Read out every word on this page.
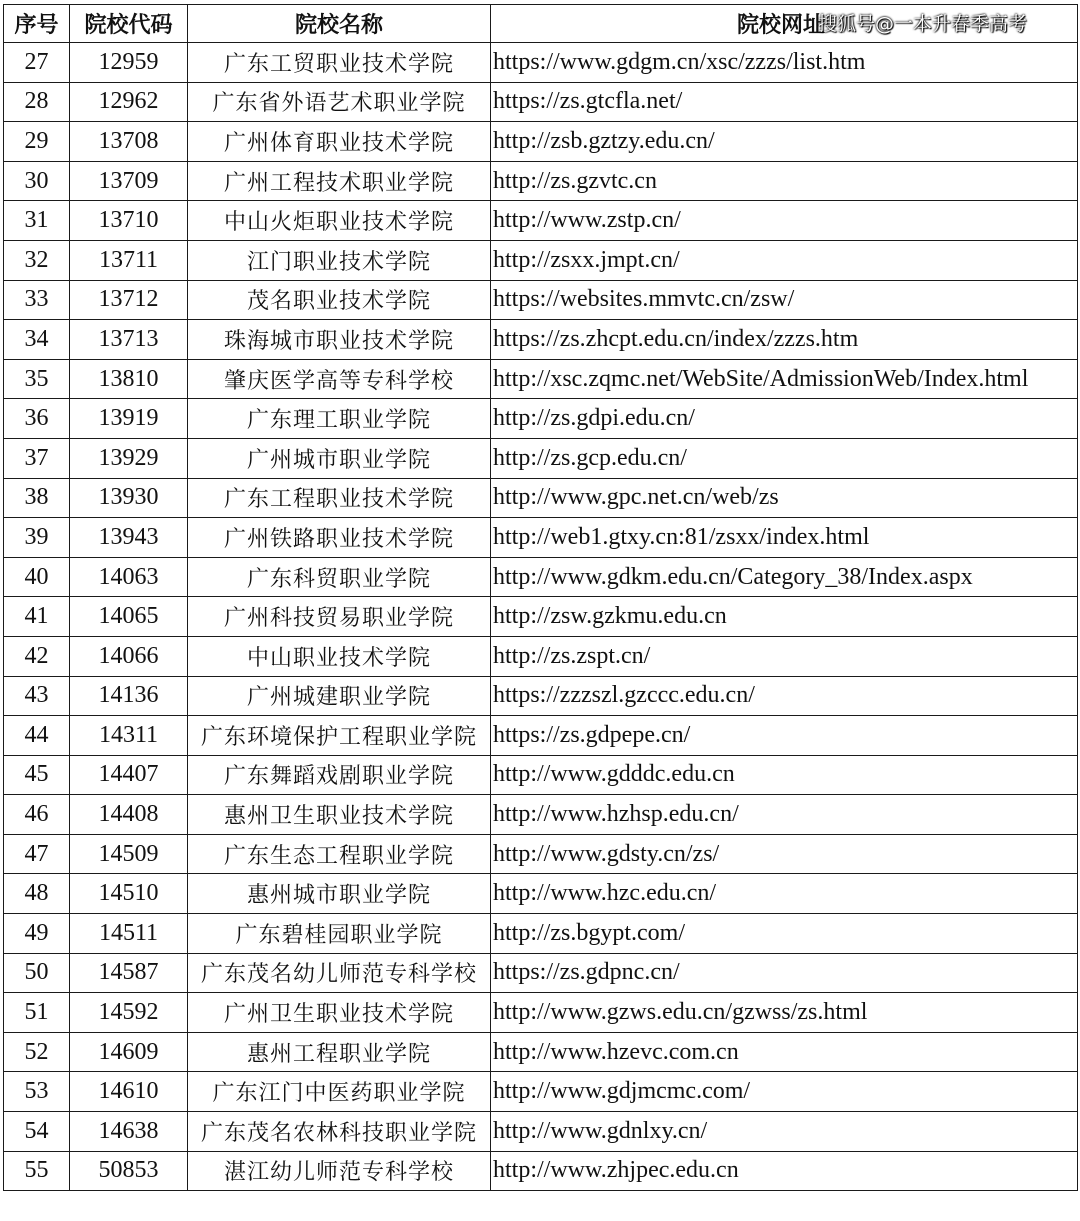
序号	院校代码	院校名称	院校网址
27	12959	广东工贸职业技术学院	https://www.gdgm.cn/xsc/zzzs/list.htm
28	12962	广东省外语艺术职业学院	https://zs.gtcfla.net/
29	13708	广州体育职业技术学院	http://zsb.gztzy.edu.cn/
30	13709	广州工程技术职业学院	http://zs.gzvtc.cn
31	13710	中山火炬职业技术学院	http://www.zstp.cn/
32	13711	江门职业技术学院	http://zsxx.jmpt.cn/
33	13712	茂名职业技术学院	https://websites.mmvtc.cn/zsw/
34	13713	珠海城市职业技术学院	https://zs.zhcpt.edu.cn/index/zzzs.htm
35	13810	肇庆医学高等专科学校	http://xsc.zqmc.net/WebSite/AdmissionWeb/Index.html
36	13919	广东理工职业学院	http://zs.gdpi.edu.cn/
37	13929	广州城市职业学院	http://zs.gcp.edu.cn/
38	13930	广东工程职业技术学院	http://www.gpc.net.cn/web/zs
39	13943	广州铁路职业技术学院	http://web1.gtxy.cn:81/zsxx/index.html
40	14063	广东科贸职业学院	http://www.gdkm.edu.cn/Category_38/Index.aspx
41	14065	广州科技贸易职业学院	http://zsw.gzkmu.edu.cn
42	14066	中山职业技术学院	http://zs.zspt.cn/
43	14136	广州城建职业学院	https://zzzszl.gzccc.edu.cn/
44	14311	广东环境保护工程职业学院	https://zs.gdpepe.cn/
45	14407	广东舞蹈戏剧职业学院	http://www.gdddc.edu.cn
46	14408	惠州卫生职业技术学院	http://www.hzhsp.edu.cn/
47	14509	广东生态工程职业学院	http://www.gdsty.cn/zs/
48	14510	惠州城市职业学院	http://www.hzc.edu.cn/
49	14511	广东碧桂园职业学院	http://zs.bgypt.com/
50	14587	广东茂名幼儿师范专科学校	https://zs.gdpnc.cn/
51	14592	广州卫生职业技术学院	http://www.gzws.edu.cn/gzwss/zs.html
52	14609	惠州工程职业学院	http://www.hzevc.com.cn
53	14610	广东江门中医药职业学院	http://www.gdjmcmc.com/
54	14638	广东茂名农林科技职业学院	http://www.gdnlxy.cn/
55	50853	湛江幼儿师范专科学校	http://www.zhjpec.edu.cn
搜狐号@一本升春季高考
